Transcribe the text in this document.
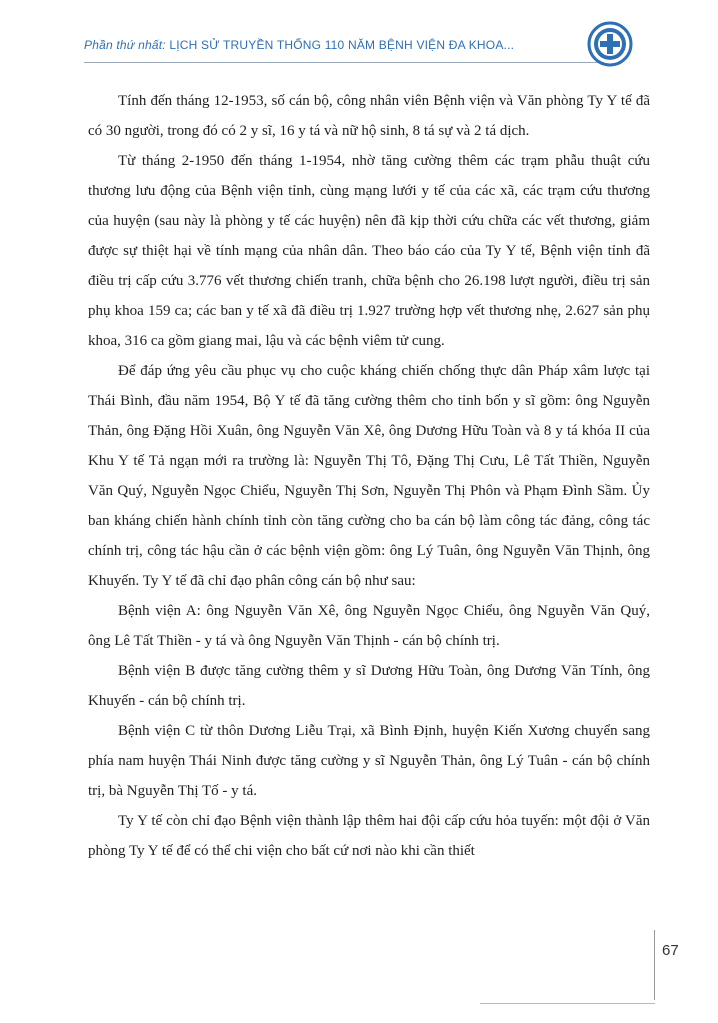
Phần thứ nhất: LỊCH SỬ TRUYỀN THỐNG 110 NĂM BỆNH VIỆN ĐA KHOA...

Tính đến tháng 12-1953, số cán bộ, công nhân viên Bệnh viện và Văn phòng Ty Y tế đã có 30 người, trong đó có 2 y sĩ, 16 y tá và nữ hộ sinh, 8 tá sự và 2 tá dịch.

Từ tháng 2-1950 đến tháng 1-1954, nhờ tăng cường thêm các trạm phẫu thuật cứu thương lưu động của Bệnh viện tỉnh, cùng mạng lưới y tế của các xã, các trạm cứu thương của huyện (sau này là phòng y tế các huyện) nên đã kịp thời cứu chữa các vết thương, giảm được sự thiệt hại về tính mạng của nhân dân. Theo báo cáo của Ty Y tế, Bệnh viện tỉnh đã điều trị cấp cứu 3.776 vết thương chiến tranh, chữa bệnh cho 26.198 lượt người, điều trị sản phụ khoa 159 ca; các ban y tế xã đã điều trị 1.927 trường hợp vết thương nhẹ, 2.627 sản phụ khoa, 316 ca gồm giang mai, lậu và các bệnh viêm tử cung.

Để đáp ứng yêu cầu phục vụ cho cuộc kháng chiến chống thực dân Pháp xâm lược tại Thái Bình, đầu năm 1954, Bộ Y tế đã tăng cường thêm cho tỉnh bốn y sĩ gồm: ông Nguyễn Thản, ông Đặng Hồi Xuân, ông Nguyễn Văn Xê, ông Dương Hữu Toàn và 8 y tá khóa II của Khu Y tế Tả ngạn mới ra trường là: Nguyễn Thị Tô, Đặng Thị Cưu, Lê Tất Thiền, Nguyễn Văn Quý, Nguyễn Ngọc Chiểu, Nguyễn Thị Sơn, Nguyễn Thị Phôn và Phạm Đình Sầm. Ủy ban kháng chiến hành chính tỉnh còn tăng cường cho ba cán bộ làm công tác đảng, công tác chính trị, công tác hậu cần ở các bệnh viện gồm: ông Lý Tuân, ông Nguyễn Văn Thịnh, ông Khuyến. Ty Y tế đã chỉ đạo phân công cán bộ như sau:

Bệnh viện A: ông Nguyễn Văn Xê, ông Nguyễn Ngọc Chiểu, ông Nguyễn Văn Quý, ông Lê Tất Thiền - y tá và ông Nguyễn Văn Thịnh - cán bộ chính trị.

Bệnh viện B được tăng cường thêm y sĩ Dương Hữu Toàn, ông Dương Văn Tính, ông Khuyến - cán bộ chính trị.

Bệnh viện C từ thôn Dương Liễu Trại, xã Bình Định, huyện Kiến Xương chuyển sang phía nam huyện Thái Ninh được tăng cường y sĩ Nguyễn Thản, ông Lý Tuân - cán bộ chính trị, bà Nguyễn Thị Tố - y tá.

Ty Y tế còn chỉ đạo Bệnh viện thành lập thêm hai đội cấp cứu hỏa tuyến: một đội ở Văn phòng Ty Y tế để có thể chi viện cho bất cứ nơi nào khi cần thiết

67
